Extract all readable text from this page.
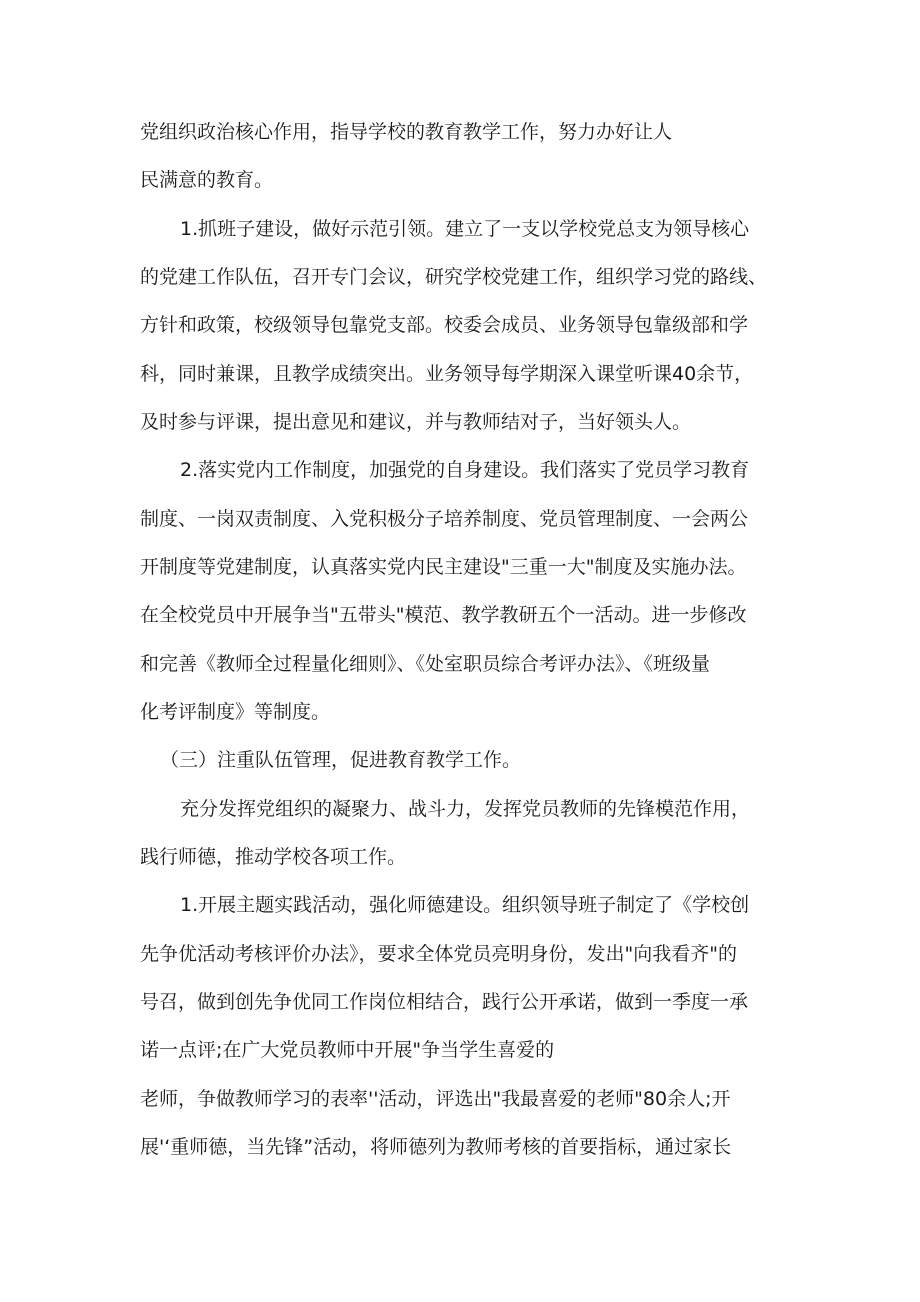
党组织政治核心作用，指导学校的教育教学工作，努力办好让人
民满意的教育。
1.抓班子建设，做好示范引领。建立了一支以学校党总支为领导核心
的党建工作队伍，召开专门会议，研究学校党建工作，组织学习党的路线、
方针和政策，校级领导包靠党支部。校委会成员、业务领导包靠级部和学
科，同时兼课，且教学成绩突出。业务领导每学期深入课堂听课40余节，
及时参与评课，提出意见和建议，并与教师结对子，当好领头人。
2.落实党内工作制度，加强党的自身建设。我们落实了党员学习教育
制度、一岗双责制度、入党积极分子培养制度、党员管理制度、一会两公
开制度等党建制度，认真落实党内民主建设"三重一大"制度及实施办法。
在全校党员中开展争当"五带头"模范、教学教研五个一活动。进一步修改
和完善《教师全过程量化细则》、《处室职员综合考评办法》、《班级量
化考评制度》等制度。
（三）注重队伍管理，促进教育教学工作。
充分发挥党组织的凝聚力、战斗力，发挥党员教师的先锋模范作用，
践行师德，推动学校各项工作。
1.开展主题实践活动，强化师德建设。组织领导班子制定了《学校创
先争优活动考核评价办法》，要求全体党员亮明身份，发出"向我看齐"的
号召，做到创先争优同工作岗位相结合，践行公开承诺，做到一季度一承
诺一点评;在广大党员教师中开展"争当学生喜爱的
老师，争做教师学习的表率''活动，评选出"我最喜爱的老师"80余人;开
展'‘重师德，当先锋”活动，将师德列为教师考核的首要指标，通过家长
